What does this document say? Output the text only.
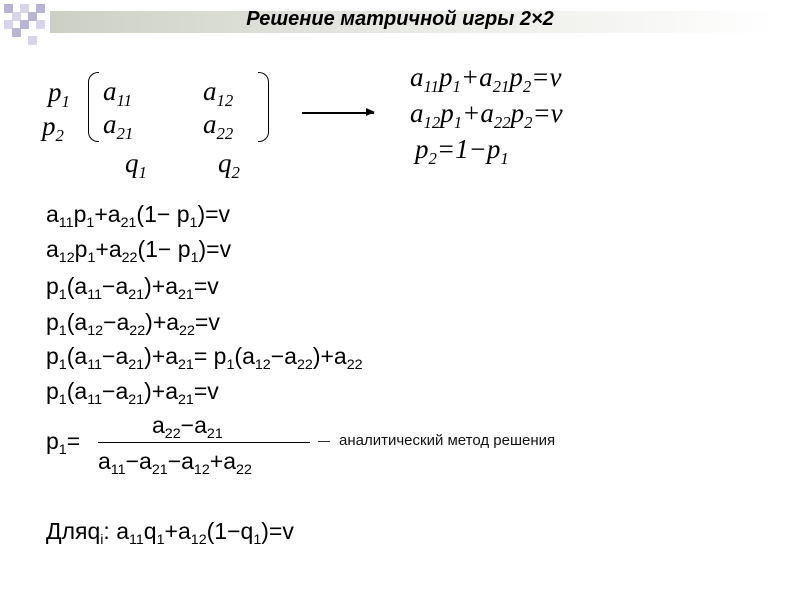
Решение матричной игры 2×2
$p_1$
$p_2$
$a_{11}$	$a_{12}$
$a_{21}$	$a_{22}$
$q_1$	$q_2$
$a_{11}p_1+a_{21}p_2=v$
$a_{12}p_1+a_{22}p_2=v$
$p_2=1-p_1$
$a_{11}p_1+a_{21}(1- p_1)=v$
$a_{12}p_1+a_{22}(1- p_1)=v$
$p_1(a_{11}-a_{21})+a_{21}=v$
$p_1(a_{12}-a_{22})+a_{22}=v$
$p_1(a_{11}-a_{21})+a_{21}= p_1(a_{12}-a_{22})+a_{22}$
$p_1(a_{11}-a_{21})+a_{21}=v$
$p_1=$
$a_{22}-a_{21}$
$a_{11}-a_{21}-a_{12}+a_{22}$
аналитический метод решения
Дляq$_i$: $a_{11}q_1+a_{12}(1-q_1)=v$
